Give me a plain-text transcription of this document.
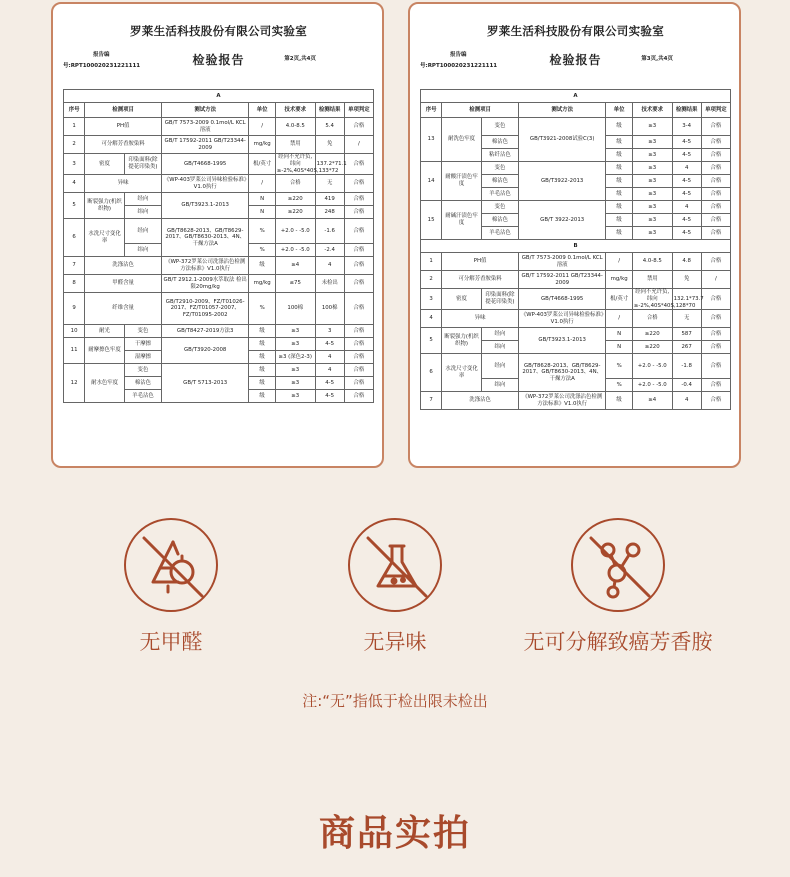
罗莱生活科技股份有限公司实验室
报告编
号:RPT100020231221111	检验报告	第2页,共4页
A							
序号	检测项目		测试方法	单位	技术要求	检测结果	单项判定
1	PH值		GB/T 7573-2009 0.1mol/L KCL溶液	/	4.0-8.5	5.4	合格
2	可分解芳香胺染料		GB/T 17592-2011 GB/T23344-2009	mg/kg	禁用	免	/
3	密度	印染面料(除提花印染类)	GB/T4668-1995	根/英寸	经向不允许负,纬向≥-2%,40S*40S,133*72	137.2*71.1	合格
4	异味		《WP-403罗莱公司异味检验标准》V1.0执行	/	合格	无	合格
5	断裂强力(机织织物)	经向	GB/T3923.1-2013	N	≥220	419	合格
		纬向		N	≥220	248	合格
6	水洗尺寸变化率	经向	GB/T8628-2013、GB/T8629-2017、GB/T8630-2013、4N、干燥方法A	%	+2.0 - -5.0	-1.6	合格
		纬向		%	+2.0 - -5.0	-2.4	合格
7	洗涤沾色		《WP-372罗莱公司洗涤沾色检测方法标准》V1.0执行	级	≥4	4	合格
8	甲醛含量		GB/T 2912.1-2009水萃取法 检出限20mg/kg	mg/kg	≤75	未检出	合格
9	纤维含量		GB/T2910-2009、FZ/T01026-2017、FZ/T01057-2007、FZ/T01095-2002	%	100棉	100棉	合格
10	耐光	变色	GB/T8427-2019方法3	级	≥3	3	合格
11	耐摩擦色牢度	干摩擦	GB/T3920-2008	级	≥3	4-5	合格
		湿摩擦		级	≥3 (深色2-3)	4	合格
12	耐水色牢度	变色	GB/T 5713-2013	级	≥3	4	合格
		棉沾色		级	≥3	4-5	合格
		羊毛沾色		级	≥3	4-5	合格
罗莱生活科技股份有限公司实验室
报告编
号:RPT100020231221111	检验报告	第3页,共4页
A							
序号	检测项目		测试方法	单位	技术要求	检测结果	单项判定
13	耐洗色牢度	变色	GB/T3921-2008试验C(3)	级	≥3	3-4	合格
		棉沾色		级	≥3	4-5	合格
		粘纤沾色		级	≥3	4-5	合格
14	耐酸汗渍色牢度	变色	GB/T3922-2013	级	≥3	4	合格
		棉沾色		级	≥3	4-5	合格
		羊毛沾色		级	≥3	4-5	合格
15	耐碱汗渍色牢度	变色	GB/T 3922-2013	级	≥3	4	合格
		棉沾色		级	≥3	4-5	合格
		羊毛沾色		级	≥3	4-5	合格
B							
1	PH值		GB/T 7573-2009 0.1mol/L KCL溶液	/	4.0-8.5	4.8	合格
2	可分解芳香胺染料		GB/T 17592-2011 GB/T23344-2009	mg/kg	禁用	免	/
3	密度	印染面料(除提花印染类)	GB/T4668-1995	根/英寸	经向不允许负,纬向≥-2%,40S*40S,128*70	132.1*73.7	合格
4	异味		《WP-403罗莱公司异味检验标准》V1.0执行	/	合格	无	合格
5	断裂强力(机织织物)	经向	GB/T3923.1-2013	N	≥220	587	合格
		纬向		N	≥220	267	合格
6	水洗尺寸变化率	经向	GB/T8628-2013、GB/T8629-2017、GB/T8630-2013、4N、干燥方法A	%	+2.0 - -5.0	-1.8	合格
		纬向		%	+2.0 - -5.0	-0.4	合格
7	洗涤沾色		《WP-372罗莱公司洗涤沾色检测方法标准》V1.0执行	级	≥4	4	合格
无甲醛	无异味	无可分解致癌芳香胺
注:“无”指低于检出限未检出
商品实拍
